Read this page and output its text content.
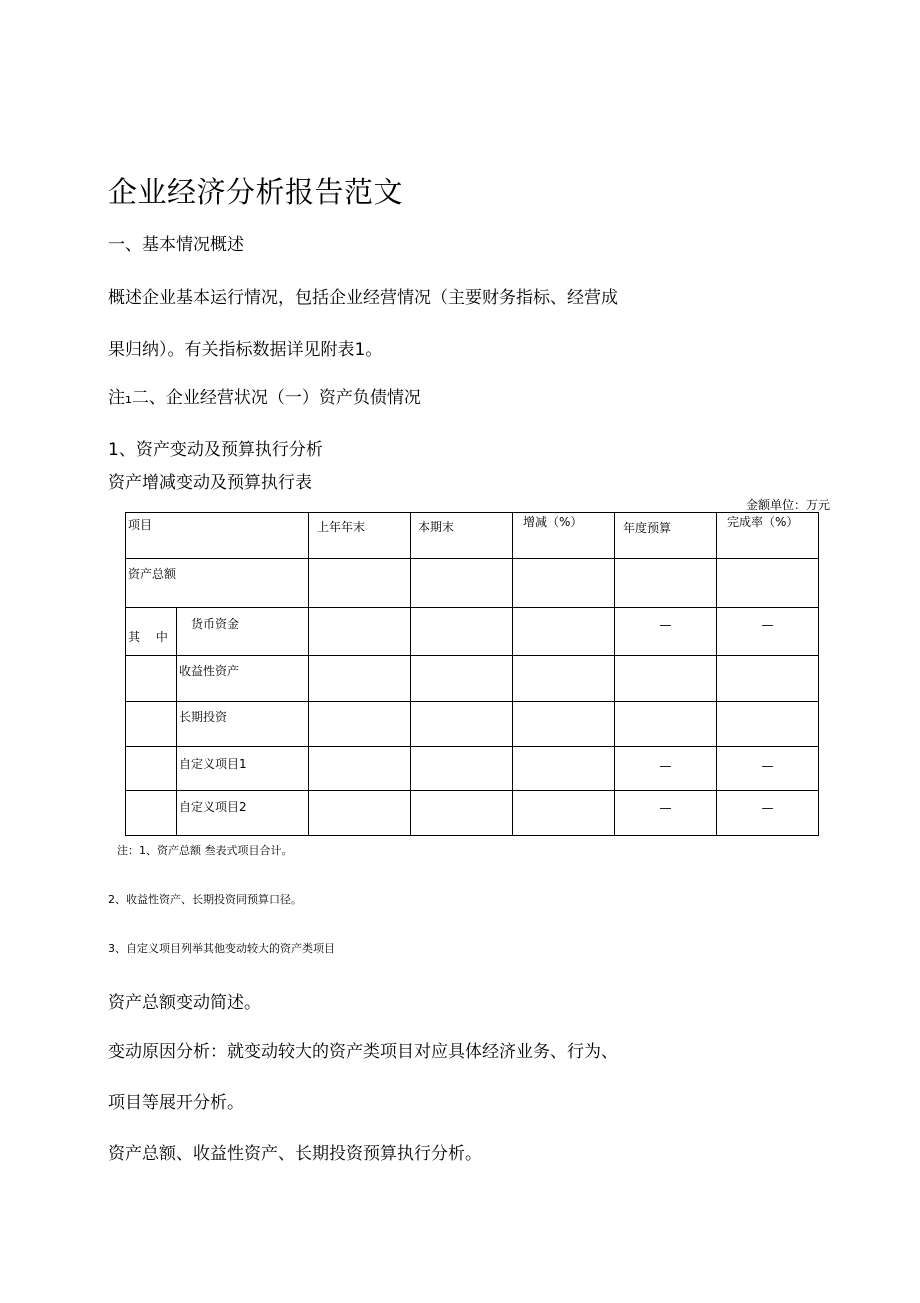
企业经济分析报告范文
一、基本情况概述
概述企业基本运行情况，包括企业经营情况（主要财务指标、经营成
果归纳）。有关指标数据详见附表1。
注₁二、企业经营状况（一）资产负债情况
1、资产变动及预算执行分析
资产增减变动及预算执行表
金额单位：万元
项目		上年年末	本期末	增减（%）	年度预算	完成率（%）

资产总额						

其 中	货币资金				—	—

	收益性资产					

	长期投资					

	自定义项目1				—	—

	自定义项目2				—	—
注：1、资产总额 叁表式项目合计。
2、收益性资产、长期投资同预算口径。
3、自定义项目列举其他变动较大的资产类项目
资产总额变动简述。
变动原因分析：就变动较大的资产类项目对应具体经济业务、行为、
项目等展开分析。
资产总额、收益性资产、长期投资预算执行分析。
